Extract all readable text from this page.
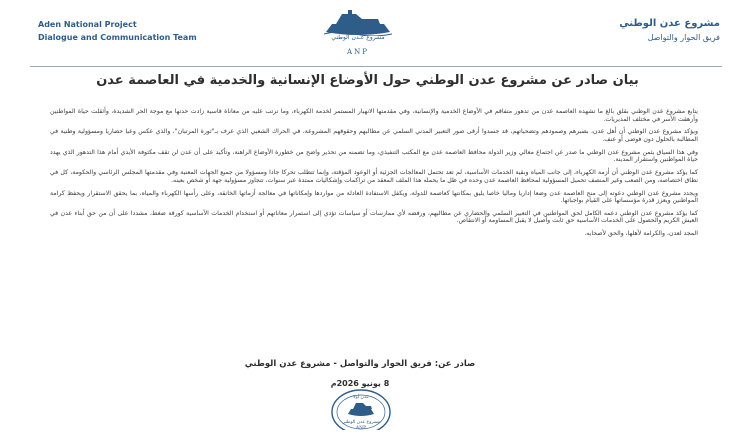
Aden National Project
Dialogue and Communication Team	مشروع عـدن الوطني
ANP
مشروع عدن الوطني
فريق الحوار والتواصل
بيان صادر عن مشروع عدن الوطني حول الأوضاع الإنسانية والخدمية في العاصمة عدن

يتابع مشروع عدن الوطني بقلق بالغ ما تشهده العاصمة عدن من تدهور متفاقم في الأوضاع الخدمية والإنسانية، وفي مقدمتها الانهيار المستمر لخدمة الكهرباء، وما ترتب عليه من معاناة قاسية زادت حدتها مع موجة الحر الشديدة، وأثقلت حياة المواطنين وأرهقت الأسر في مختلف المديريات.

ويؤكد مشروع عدن الوطني أن أهل عدن، بصبرهم وصمودهم وتضحياتهم، قد جسدوا أرقى صور التعبير المدني السلمي عن مطالبهم وحقوقهم المشروعة، في الحراك الشعبي الذي عرف بـ"ثورة المرتبان"، والذي عكس وعيا حضاريا ومسؤولية وطنية في المطالبة بالحلول دون فوضى أو عنف.

وفي هذا السياق يثمن مشروع عدن الوطني ما صدر عن اجتماع معالي وزير الدولة محافظ العاصمة عدن مع المكتب التنفيذي، وما تضمنه من تحذير واضح من خطورة الأوضاع الراهنة، وتأكيد على أن عدن لن تقف مكتوفة الأيدي أمام هذا التدهور الذي يهدد حياة المواطنين واستقرار المدينة.

كما يؤكد مشروع عدن الوطني أن أزمة الكهرباء، إلى جانب المياه وبقية الخدمات الأساسية، لم تعد تحتمل المعالجات الجزئية أو الوعود المؤقتة، وإنما تتطلب تحركا جادا ومسؤولا من جميع الجهات المعنية وفي مقدمتها المجلس الرئاسي والحكومة، كل في نطاق اختصاصه، ومن الصعب وغير المنصف تحميل المسؤولية لمحافظ العاصمة عدن وحده في ظل ما يحمله هذا الملف المعقد من تراكمات وإشكاليات ممتدة عبر سنوات، تتجاوز مسؤولية جهة أو شخص بعينه.

ويجدد مشروع عدن الوطني دعوته إلى منح العاصمة عدن وضعا إداريا وماليا خاصا يليق بمكانتها كعاصمة للدولة، ويكفل الاستفادة العادلة من مواردها وإمكاناتها في معالجة أزماتها الخانقة، وعلى رأسها الكهرباء والمياه، بما يحقق الاستقرار ويحفظ كرامة المواطنين ويعزز قدرة مؤسساتها على القيام بواجباتها.

كما يؤكد مشروع عدن الوطني دعمه الكامل لحق المواطنين في التعبير السلمي والحضاري عن مطالبهم، ورفضه لأي ممارسات أو سياسات تؤدي إلى استمرار معاناتهم أو استخدام الخدمات الأساسية كورقة ضغط، مشددا على أن من حق أبناء عدن في العيش الكريم والحصول على الخدمات الأساسية حق ثابت وأصيل لا يقبل المساومة أو الانتقاص.

المجد لعدن، والكرامة لأهلها، والحق لأصحابه.

صادر عن: فريق الحوار والتواصل - مشروع عدن الوطني
8 يونيو 2026م
عدن أولا
مشروع عدن الوطني
ANP
